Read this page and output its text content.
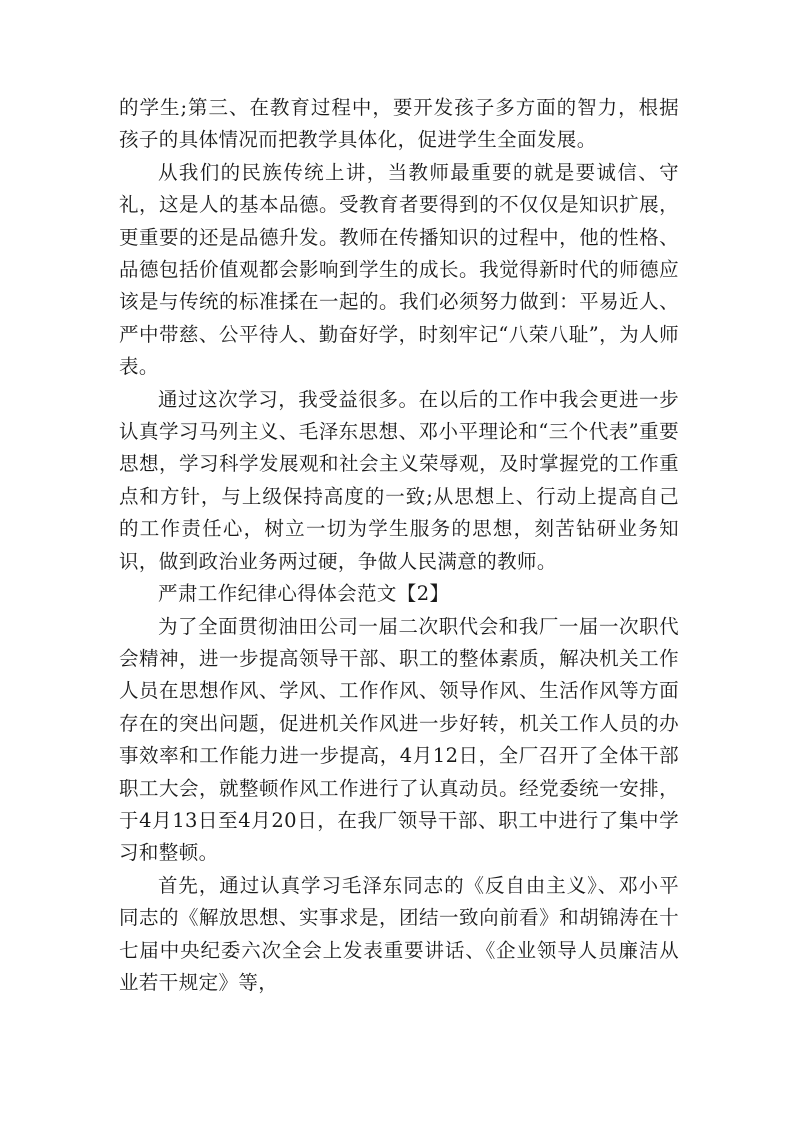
的学生;第三、在教育过程中，要开发孩子多方面的智力，根据孩子的具体情况而把教学具体化，促进学生全面发展。

从我们的民族传统上讲，当教师最重要的就是要诚信、守礼，这是人的基本品德。受教育者要得到的不仅仅是知识扩展，更重要的还是品德升发。教师在传播知识的过程中，他的性格、品德包括价值观都会影响到学生的成长。我觉得新时代的师德应该是与传统的标准揉在一起的。我们必须努力做到：平易近人、严中带慈、公平待人、勤奋好学，时刻牢记“八荣八耻”，为人师表。

通过这次学习，我受益很多。在以后的工作中我会更进一步认真学习马列主义、毛泽东思想、邓小平理论和“三个代表”重要思想，学习科学发展观和社会主义荣辱观，及时掌握党的工作重点和方针，与上级保持高度的一致;从思想上、行动上提高自己的工作责任心，树立一切为学生服务的思想，刻苦钻研业务知识，做到政治业务两过硬，争做人民满意的教师。

严肃工作纪律心得体会范文【2】

为了全面贯彻油田公司一届二次职代会和我厂一届一次职代会精神，进一步提高领导干部、职工的整体素质，解决机关工作人员在思想作风、学风、工作作风、领导作风、生活作风等方面存在的突出问题，促进机关作风进一步好转，机关工作人员的办事效率和工作能力进一步提高，4月12日，全厂召开了全体干部职工大会，就整顿作风工作进行了认真动员。经党委统一安排，于4月13日至4月20日，在我厂领导干部、职工中进行了集中学习和整顿。

首先，通过认真学习毛泽东同志的《反自由主义》、邓小平同志的《解放思想、实事求是，团结一致向前看》和胡锦涛在十七届中央纪委六次全会上发表重要讲话、《企业领导人员廉洁从业若干规定》等，
